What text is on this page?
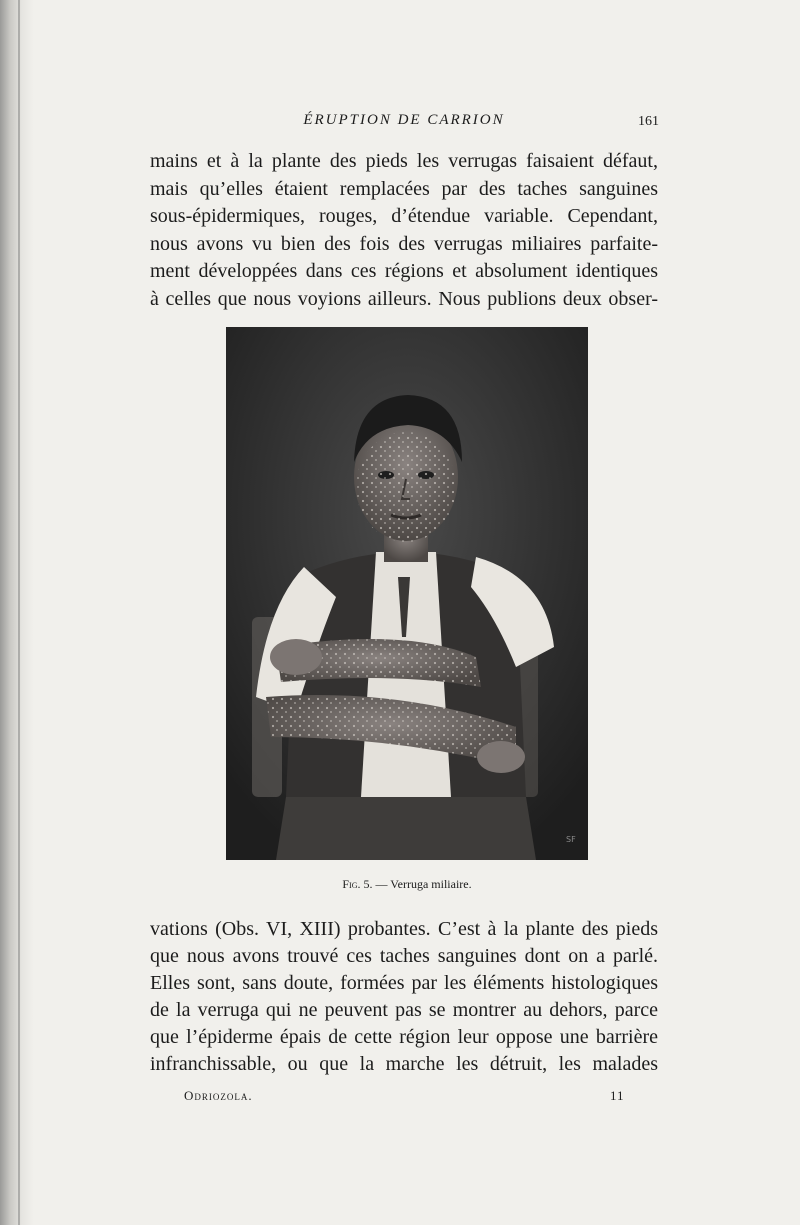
ÉRUPTION DE CARRION	161
mains et à la plante des pieds les verrugas faisaient défaut,
mais qu’elles étaient remplacées par des taches sanguines
sous-épidermiques, rouges, d’étendue variable. Cependant,
nous avons vu bien des fois des verrugas miliaires parfaite-
ment développées dans ces régions et absolument identiques
à celles que nous voyions ailleurs. Nous publions deux obser-
SF
Fig. 5. — Verruga miliaire.
vations (Obs. VI, XIII) probantes. C’est à la plante des pieds
que nous avons trouvé ces taches sanguines dont on a parlé.
Elles sont, sans doute, formées par les éléments histologiques
de la verruga qui ne peuvent pas se montrer au dehors, parce
que l’épiderme épais de cette région leur oppose une barrière
infranchissable, ou que la marche les détruit, les malades
Odriozola.	11
